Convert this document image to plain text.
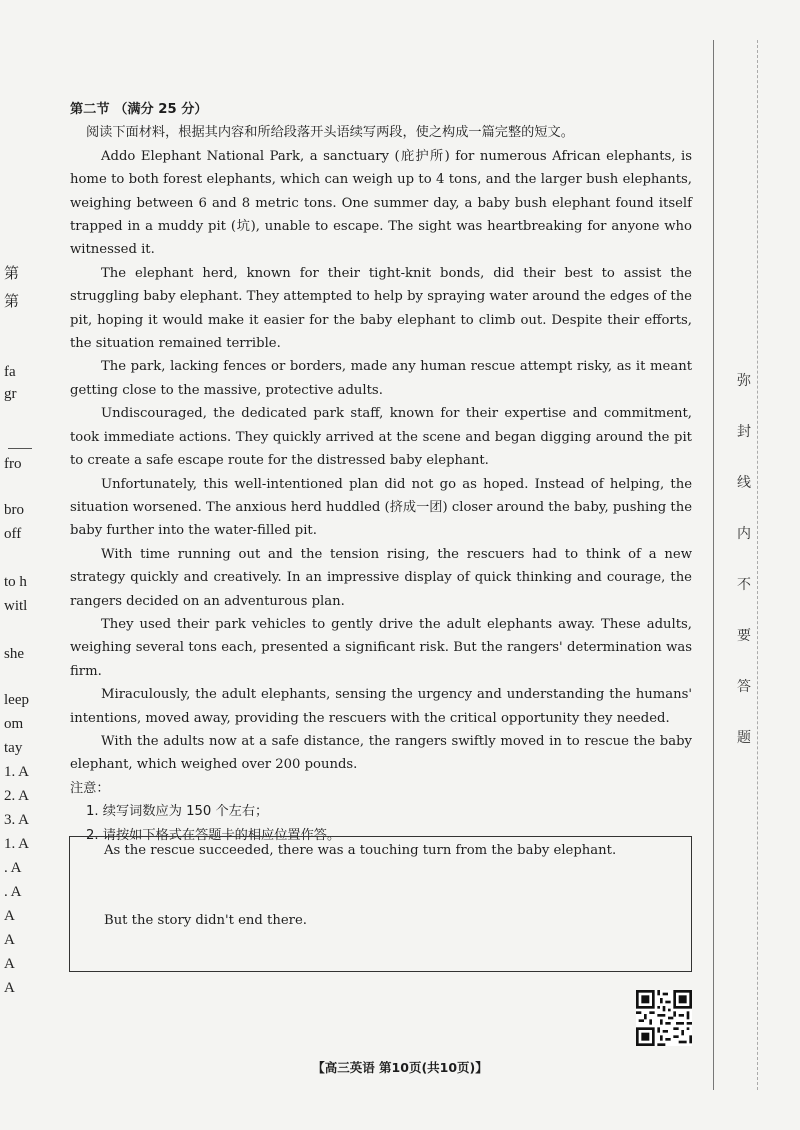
第
第
fa
gr
fro
bro
off
to h
witl
she
leep
om
tay
1. A
2. A
3. A
1. A
. A
. A
A
A
A
A
弥
封
线
内
不
要
答
题

第二节 （满分 25 分）

阅读下面材料，根据其内容和所给段落开头语续写两段，使之构成一篇完整的短文。

Addo Elephant National Park, a sanctuary (庇护所) for numerous African elephants, is home to both forest elephants, which can weigh up to 4 tons, and the larger bush elephants, weighing between 6 and 8 metric tons. One summer day, a baby bush elephant found itself trapped in a muddy pit (坑), unable to escape. The sight was heartbreaking for anyone who witnessed it.

The elephant herd, known for their tight-knit bonds, did their best to assist the struggling baby elephant. They attempted to help by spraying water around the edges of the pit, hoping it would make it easier for the baby elephant to climb out. Despite their efforts, the situation remained terrible.

The park, lacking fences or borders, made any human rescue attempt risky, as it meant getting close to the massive, protective adults.

Undiscouraged, the dedicated park staff, known for their expertise and commitment, took immediate actions. They quickly arrived at the scene and began digging around the pit to create a safe escape route for the distressed baby elephant.

Unfortunately, this well-intentioned plan did not go as hoped. Instead of helping, the situation worsened. The anxious herd huddled (挤成一团) closer around the baby, pushing the baby further into the water-filled pit.

With time running out and the tension rising, the rescuers had to think of a new strategy quickly and creatively. In an impressive display of quick thinking and courage, the rangers decided on an adventurous plan.

They used their park vehicles to gently drive the adult elephants away. These adults, weighing several tons each, presented a significant risk. But the rangers' determination was firm.

Miraculously, the adult elephants, sensing the urgency and understanding the humans' intentions, moved away, providing the rescuers with the critical opportunity they needed.

With the adults now at a safe distance, the rangers swiftly moved in to rescue the baby elephant, which weighed over 200 pounds.

注意：

1. 续写词数应为 150 个左右；

2. 请按如下格式在答题卡的相应位置作答。

As the rescue succeeded, there was a touching turn from the baby elephant.

But the story didn't end there.

【高三英语 第10页(共10页)】
